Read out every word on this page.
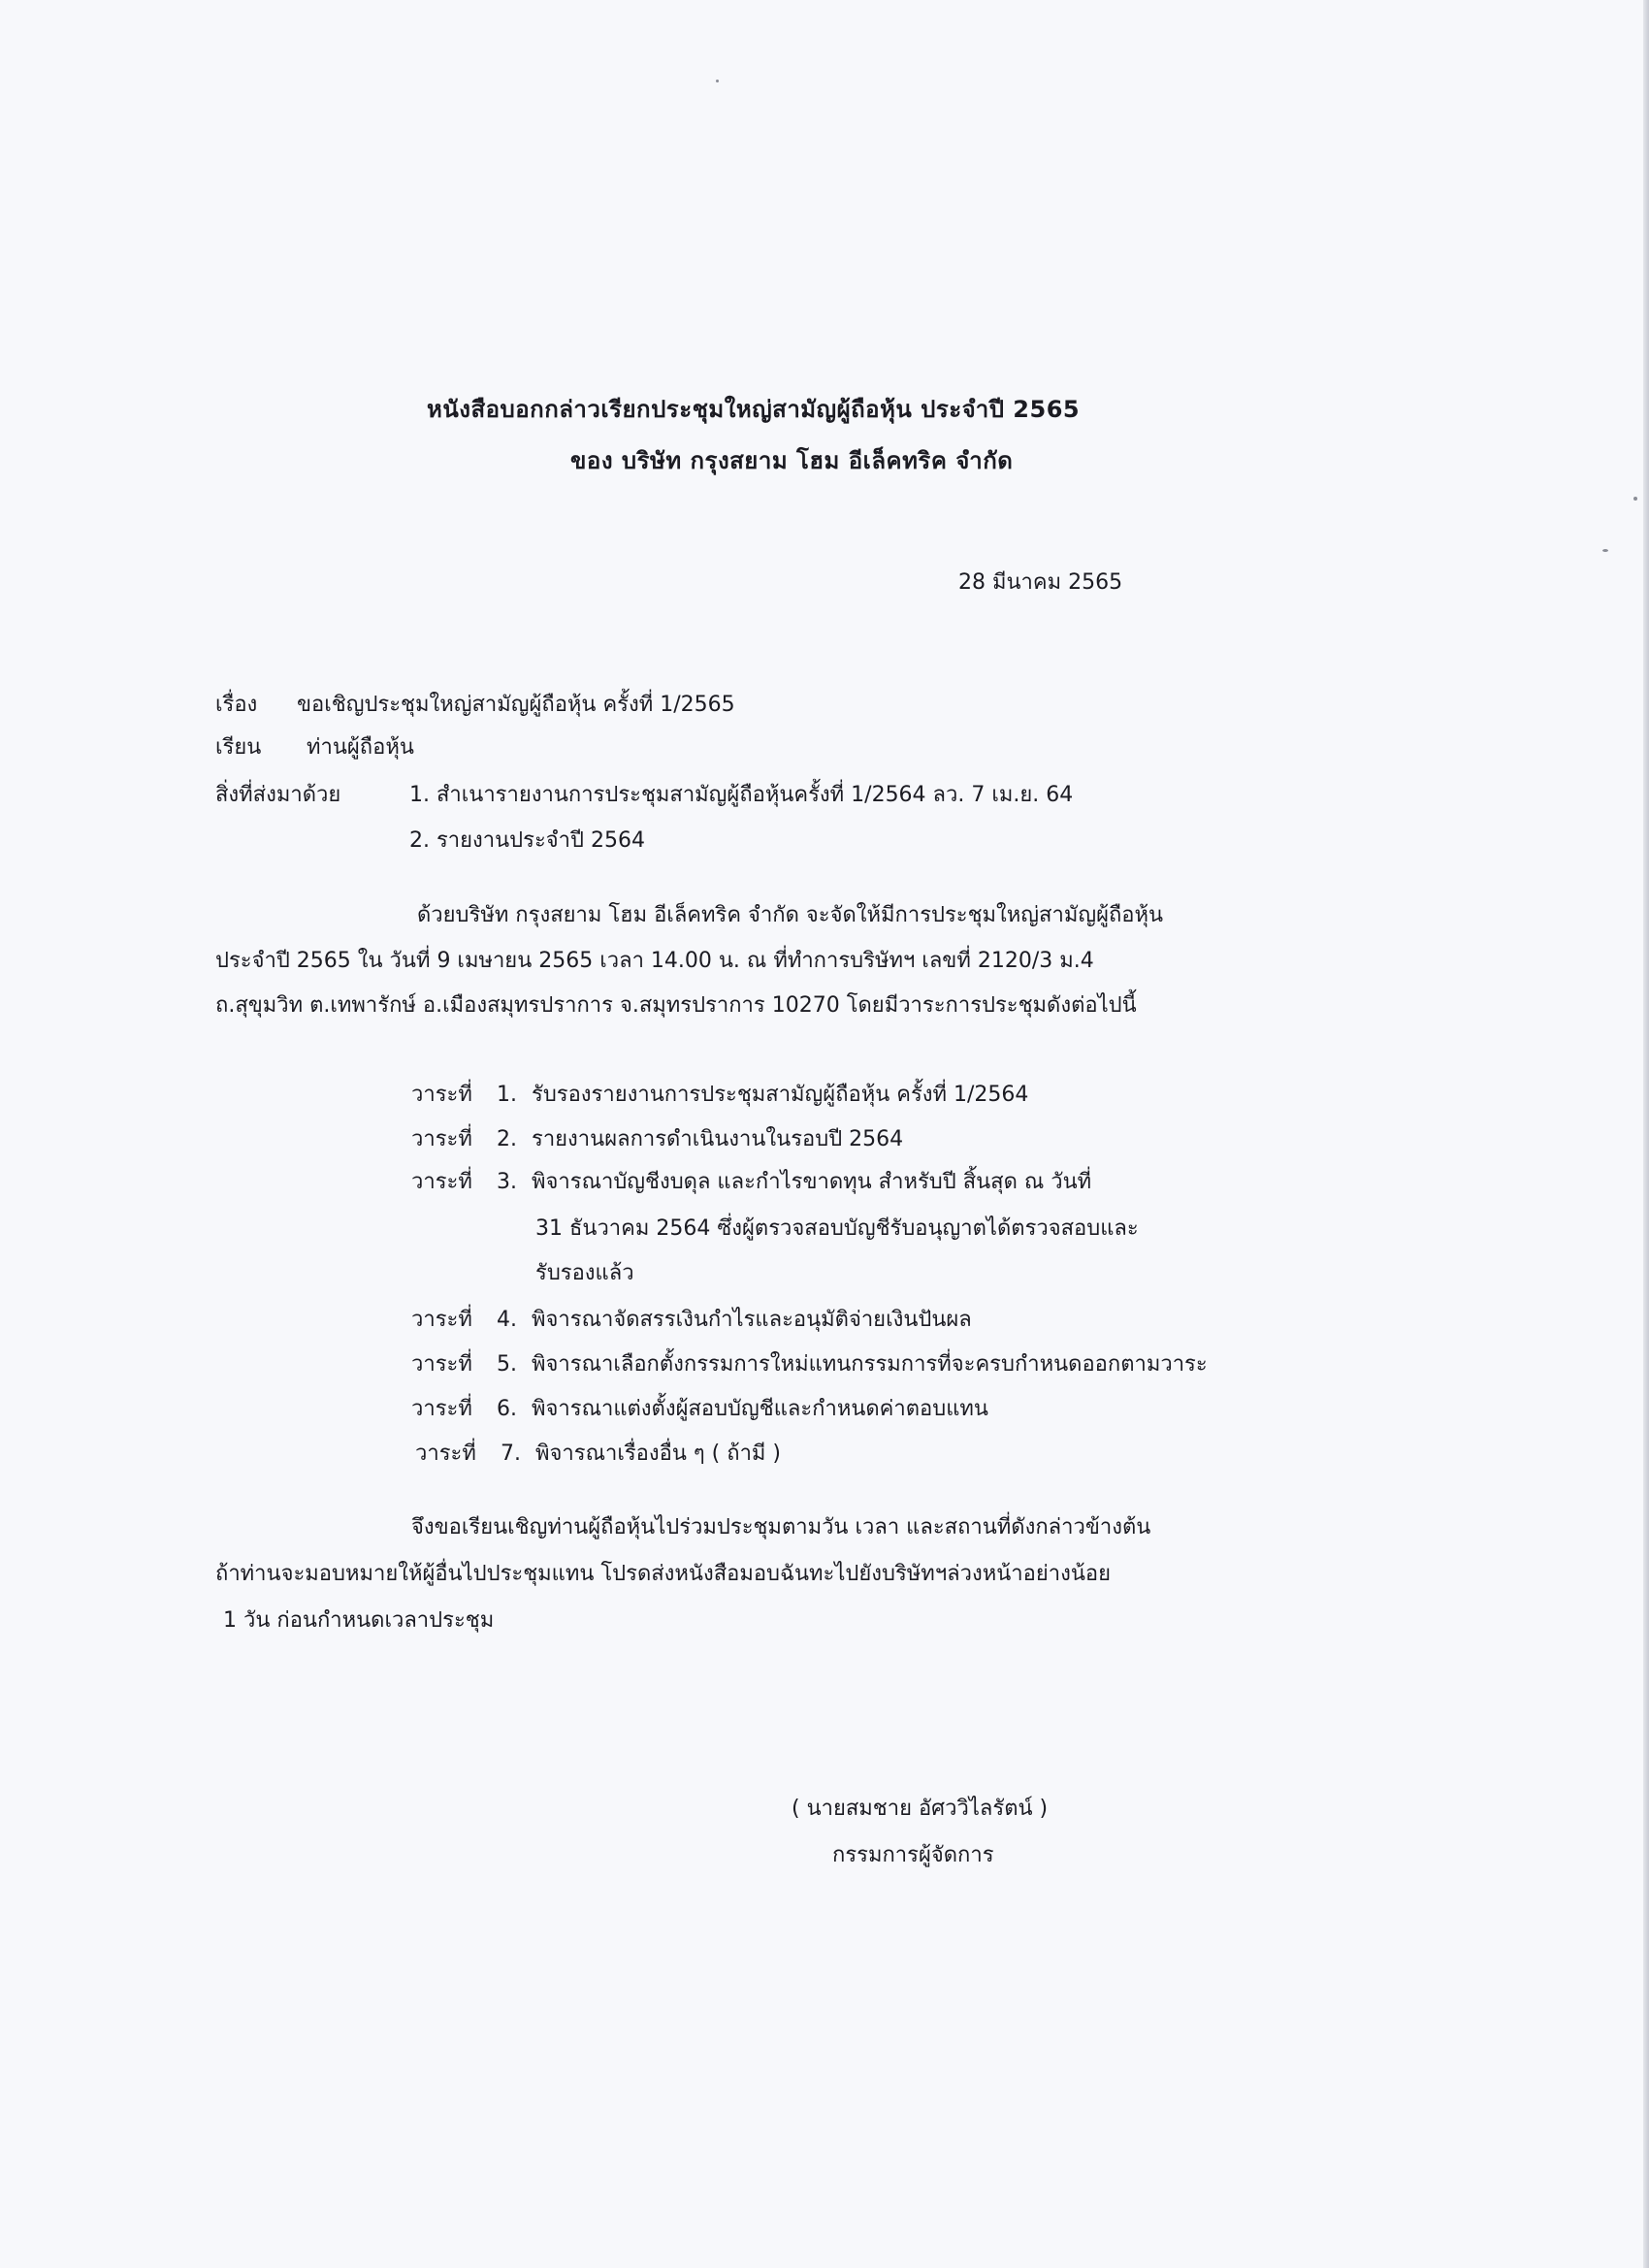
หนังสือบอกกล่าวเรียกประชุมใหญ่สามัญผู้ถือหุ้น ประจำปี 2565
ของ บริษัท กรุงสยาม โฮม อีเล็คทริค จำกัด
28 มีนาคม 2565
เรื่อง ขอเชิญประชุมใหญ่สามัญผู้ถือหุ้น ครั้งที่ 1/2565
เรียน ท่านผู้ถือหุ้น
สิ่งที่ส่งมาด้วย	1. สำเนารายงานการประชุมสามัญผู้ถือหุ้นครั้งที่ 1/2564 ลว. 7 เม.ย. 64
2. รายงานประจำปี 2564
ด้วยบริษัท กรุงสยาม โฮม อีเล็คทริค จำกัด จะจัดให้มีการประชุมใหญ่สามัญผู้ถือหุ้น
ประจำปี 2565 ใน วันที่ 9 เมษายน 2565 เวลา 14.00 น. ณ ที่ทำการบริษัทฯ เลขที่ 2120/3 ม.4
ถ.สุขุมวิท ต.เทพารักษ์ อ.เมืองสมุทรปราการ จ.สมุทรปราการ 10270 โดยมีวาระการประชุมดังต่อไปนี้
วาระที่ 1. รับรองรายงานการประชุมสามัญผู้ถือหุ้น ครั้งที่ 1/2564
วาระที่ 2. รายงานผลการดำเนินงานในรอบปี 2564
วาระที่ 3. พิจารณาบัญชีงบดุล และกำไรขาดทุน สำหรับปี สิ้นสุด ณ วันที่
31 ธันวาคม 2564 ซึ่งผู้ตรวจสอบบัญชีรับอนุญาตได้ตรวจสอบและ
รับรองแล้ว
วาระที่ 4. พิจารณาจัดสรรเงินกำไรและอนุมัติจ่ายเงินปันผล
วาระที่ 5. พิจารณาเลือกตั้งกรรมการใหม่แทนกรรมการที่จะครบกำหนดออกตามวาระ
วาระที่ 6. พิจารณาแต่งตั้งผู้สอบบัญชีและกำหนดค่าตอบแทน
วาระที่ 7. พิจารณาเรื่องอื่น ๆ ( ถ้ามี )
จึงขอเรียนเชิญท่านผู้ถือหุ้นไปร่วมประชุมตามวัน เวลา และสถานที่ดังกล่าวข้างต้น
ถ้าท่านจะมอบหมายให้ผู้อื่นไปประชุมแทน โปรดส่งหนังสือมอบฉันทะไปยังบริษัทฯล่วงหน้าอย่างน้อย
1 วัน ก่อนกำหนดเวลาประชุม
( นายสมชาย อัศววิไลรัตน์ )
กรรมการผู้จัดการ
